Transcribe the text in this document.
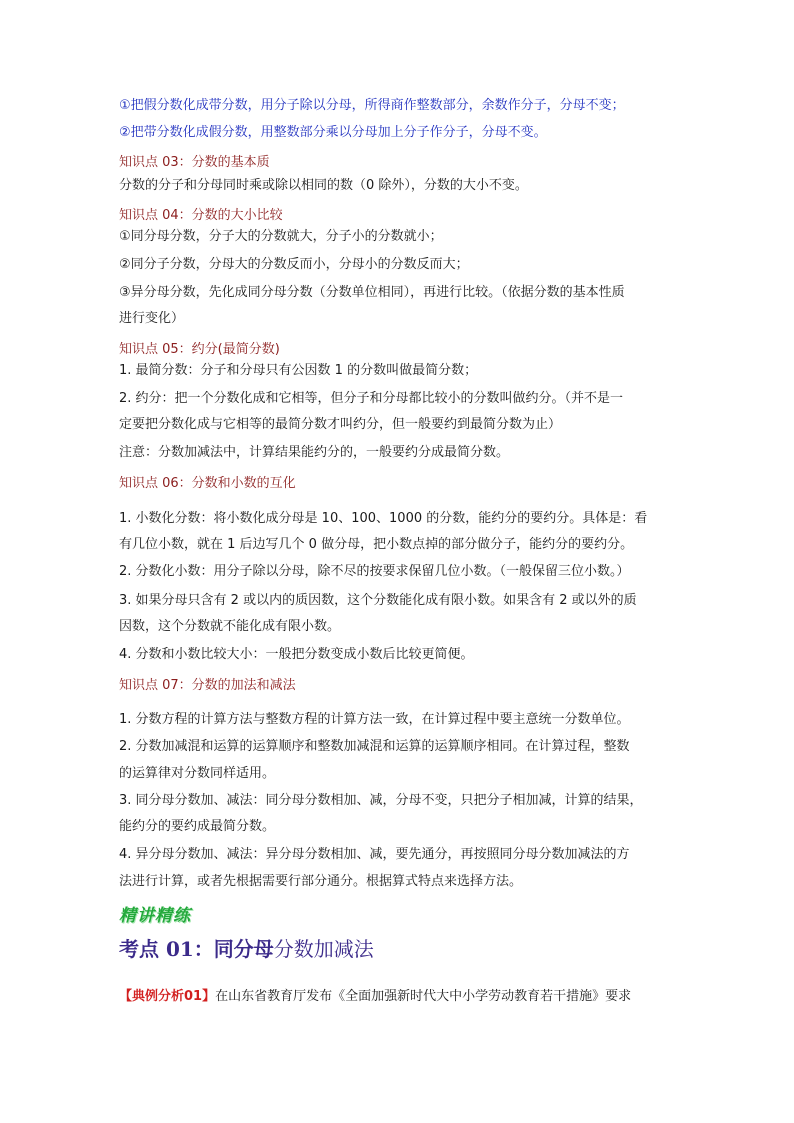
①把假分数化成带分数，用分子除以分母，所得商作整数部分，余数作分子，分母不变；
②把带分数化成假分数，用整数部分乘以分母加上分子作分子，分母不变。
知识点 03：分数的基本质
分数的分子和分母同时乘或除以相同的数（0 除外），分数的大小不变。
知识点 04：分数的大小比较
①同分母分数，分子大的分数就大，分子小的分数就小；
②同分子分数，分母大的分数反而小，分母小的分数反而大；
③异分母分数，先化成同分母分数（分数单位相同），再进行比较。（依据分数的基本性质
进行变化）
知识点 05：约分(最简分数)
1. 最简分数：分子和分母只有公因数 1 的分数叫做最简分数；
2. 约分：把一个分数化成和它相等，但分子和分母都比较小的分数叫做约分。（并不是一
定要把分数化成与它相等的最简分数才叫约分，但一般要约到最简分数为止）
注意：分数加减法中，计算结果能约分的，一般要约分成最简分数。
知识点 06：分数和小数的互化
1. 小数化分数：将小数化成分母是 10、100、1000 的分数，能约分的要约分。具体是：看
有几位小数，就在 1 后边写几个 0 做分母，把小数点掉的部分做分子，能约分的要约分。
2. 分数化小数：用分子除以分母，除不尽的按要求保留几位小数。（一般保留三位小数。）
3. 如果分母只含有 2 或以内的质因数，这个分数能化成有限小数。如果含有 2 或以外的质
因数，这个分数就不能化成有限小数。
4. 分数和小数比较大小：一般把分数变成小数后比较更简便。
知识点 07：分数的加法和减法
1. 分数方程的计算方法与整数方程的计算方法一致，在计算过程中要主意统一分数单位。
2. 分数加减混和运算的运算顺序和整数加减混和运算的运算顺序相同。在计算过程，整数
的运算律对分数同样适用。
3. 同分母分数加、减法：同分母分数相加、减，分母不变，只把分子相加减，计算的结果，
能约分的要约成最简分数。
4. 异分母分数加、减法：异分母分数相加、减，要先通分，再按照同分母分数加减法的方
法进行计算，或者先根据需要行部分通分。根据算式特点来选择方法。
精讲精练
考点 01：同分母分数加减法
【典例分析01】在山东省教育厅发布《全面加强新时代大中小学劳动教育若干措施》要求
